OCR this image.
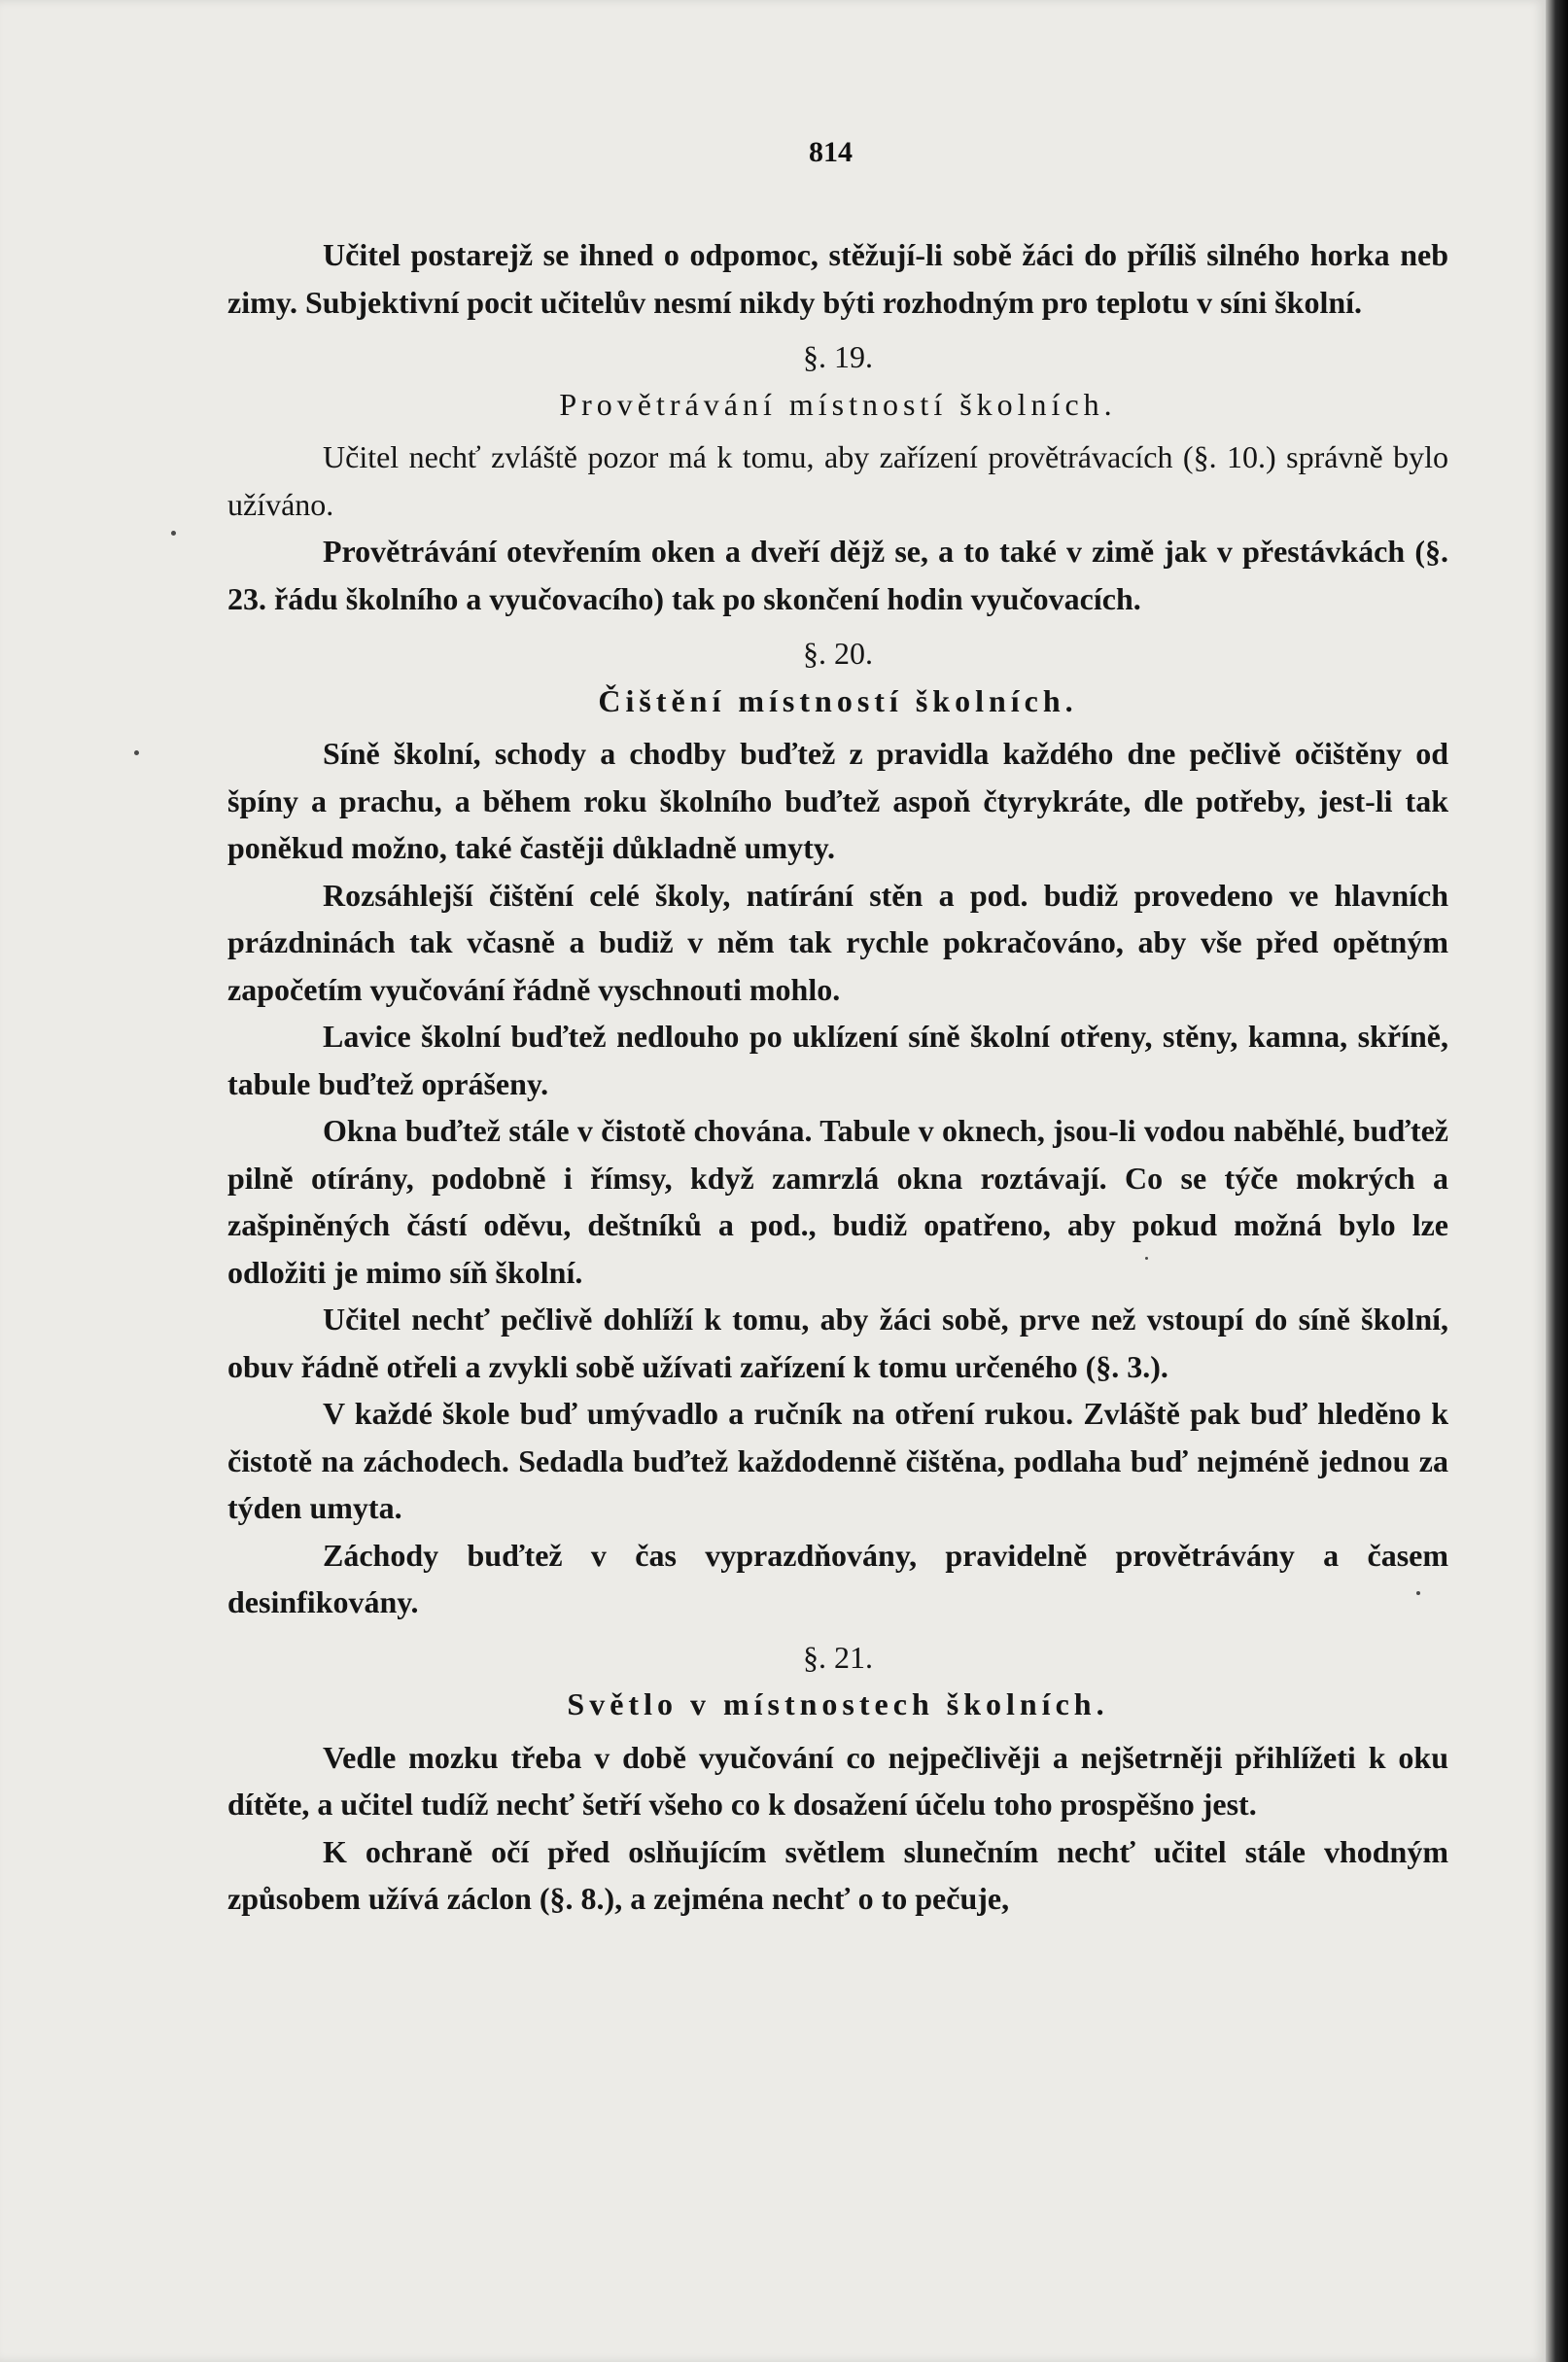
814

Učitel postarejž se ihned o odpomoc, stěžují-li sobě žáci do příliš silného horka neb zimy. Subjektivní pocit učitelův nesmí nikdy býti rozhodným pro teplotu v síni školní.

§. 19.

Provětrávání místností školních.

Učitel nechť zvláště pozor má k tomu, aby zařízení provětrávacích (§. 10.) správně bylo užíváno.

Provětrávání otevřením oken a dveří dějž se, a to také v zimě jak v přestávkách (§. 23. řádu školního a vyučovacího) tak po skončení hodin vyučovacích.

§. 20.

Čištění místností školních.

Síně školní, schody a chodby buďtež z pravidla každého dne pečlivě očištěny od špíny a prachu, a během roku školního buďtež aspoň čtyrykráte, dle potřeby, jest-li tak poněkud možno, také častěji důkladně umyty.

Rozsáhlejší čištění celé školy, natírání stěn a pod. budiž provedeno ve hlavních prázdninách tak včasně a budiž v něm tak rychle pokračováno, aby vše před opětným započetím vyučování řádně vyschnouti mohlo.

Lavice školní buďtež nedlouho po uklízení síně školní otřeny, stěny, kamna, skříně, tabule buďtež oprášeny.

Okna buďtež stále v čistotě chována. Tabule v oknech, jsou-li vodou naběhlé, buďtež pilně otírány, podobně i římsy, když zamrzlá okna roztávají. Co se týče mokrých a zašpiněných částí oděvu, deštníků a pod., budiž opatřeno, aby pokud možná bylo lze odložiti je mimo síň školní.

Učitel nechť pečlivě dohlíží k tomu, aby žáci sobě, prve než vstoupí do síně školní, obuv řádně otřeli a zvykli sobě užívati zařízení k tomu určeného (§. 3.).

V každé škole buď umývadlo a ručník na otření rukou. Zvláště pak buď hleděno k čistotě na záchodech. Sedadla buďtež každodenně čištěna, podlaha buď nejméně jednou za týden umyta.

Záchody buďtež v čas vyprazdňovány, pravidelně provětrávány a časem desinfikovány.

§. 21.

Světlo v místnostech školních.

Vedle mozku třeba v době vyučování co nejpečlivěji a nejšetrněji přihlížeti k oku dítěte, a učitel tudíž nechť šetří všeho co k dosažení účelu toho prospěšno jest.

K ochraně očí před oslňujícím světlem slunečním nechť učitel stále vhodným způsobem užívá záclon (§. 8.), a zejména nechť o to pečuje,
